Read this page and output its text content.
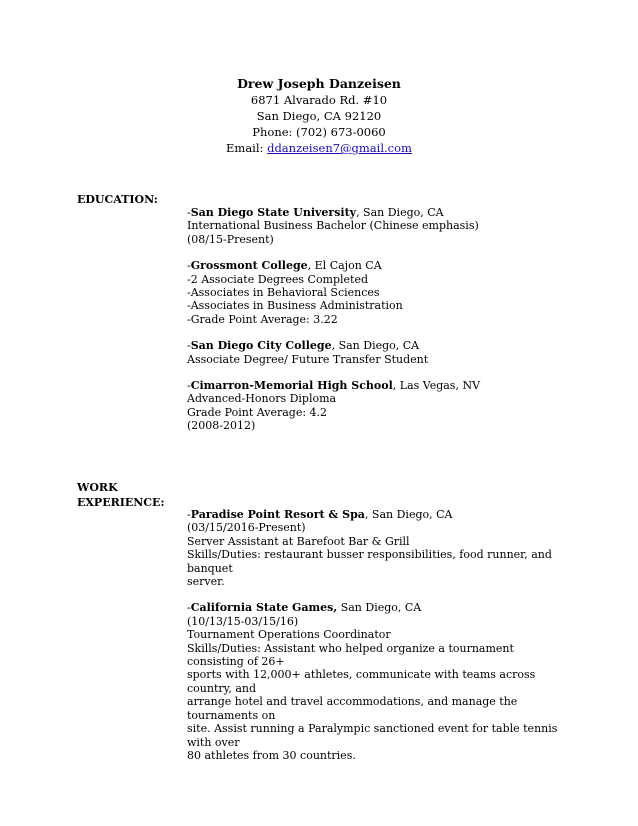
Drew Joseph Danzeisen
6871 Alvarado Rd. #10
San Diego, CA 92120
Phone: (702) 673-0060
Email: ddanzeisen7@gmail.com
EDUCATION:
-San Diego State University, San Diego, CA
International Business Bachelor (Chinese emphasis)
(08/15-Present)
-Grossmont College, El Cajon CA
-2 Associate Degrees Completed
-Associates in Behavioral Sciences
-Associates in Business Administration
-Grade Point Average: 3.22
-San Diego City College, San Diego, CA
Associate Degree/ Future Transfer Student
-Cimarron-Memorial High School, Las Vegas, NV
Advanced-Honors Diploma
Grade Point Average: 4.2
(2008-2012)
WORK
EXPERIENCE:
-Paradise Point Resort & Spa, San Diego, CA
(03/15/2016-Present)
Server Assistant at Barefoot Bar & Grill
Skills/Duties: restaurant busser responsibilities, food runner, and banquet
server.
-California State Games, San Diego, CA
(10/13/15-03/15/16)
Tournament Operations Coordinator
Skills/Duties: Assistant who helped organize a tournament consisting of 26+
sports with 12,000+ athletes, communicate with teams across country, and
arrange hotel and travel accommodations, and manage the tournaments on
site. Assist running a Paralympic sanctioned event for table tennis with over
80 athletes from 30 countries.
